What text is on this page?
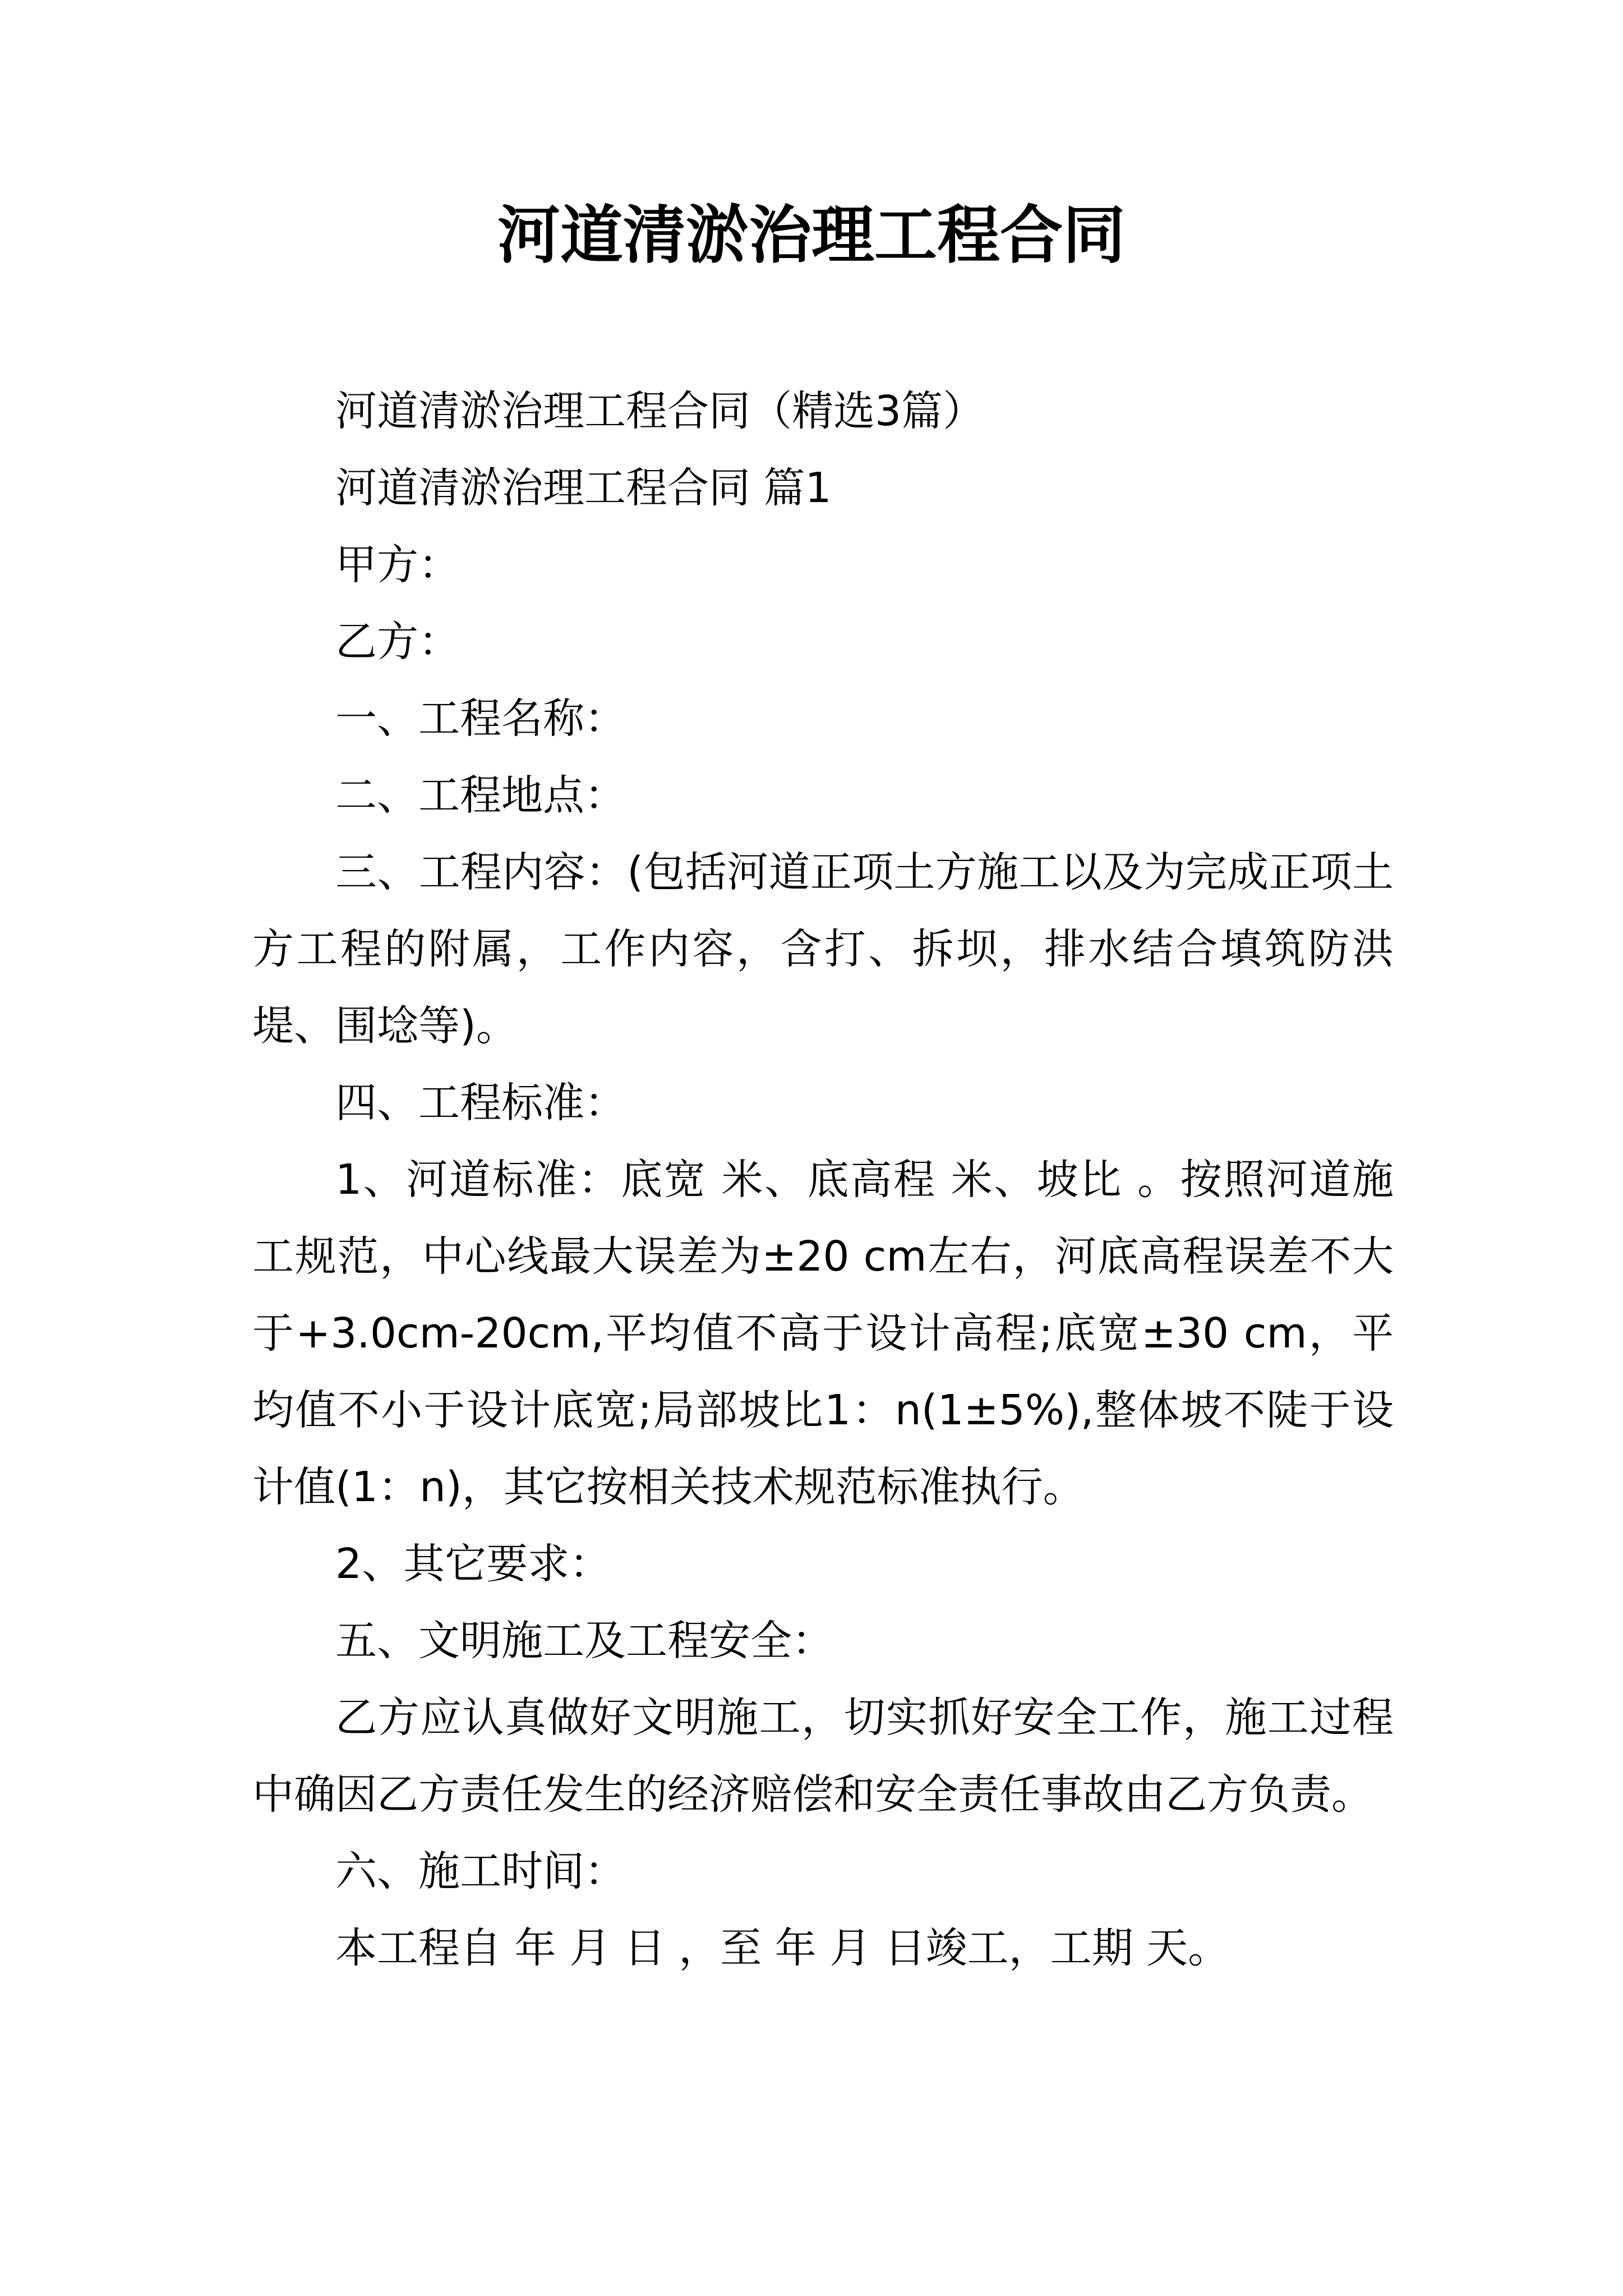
河道清淤治理工程合同

河道清淤治理工程合同（精选3篇）

河道清淤治理工程合同 篇1

甲方：

乙方：

一、工程名称：

二、工程地点：

三、工程内容：(包括河道正项土方施工以及为完成正项土方工程的附属，工作内容，含打、拆坝，排水结合填筑防洪堤、围埝等)。

四、工程标准：

1、河道标准：底宽 米、底高程 米、坡比 。按照河道施工规范，中心线最大误差为±20 cm左右，河底高程误差不大于+3.0cm-20cm,平均值不高于设计高程;底宽±30 cm，平均值不小于设计底宽;局部坡比1：n(1±5%),整体坡不陡于设计值(1：n)，其它按相关技术规范标准执行。

2、其它要求：

五、文明施工及工程安全：

乙方应认真做好文明施工，切实抓好安全工作，施工过程中确因乙方责任发生的经济赔偿和安全责任事故由乙方负责。

六、施工时间：

本工程自 年 月 日 ，至 年 月 日竣工，工期 天。
